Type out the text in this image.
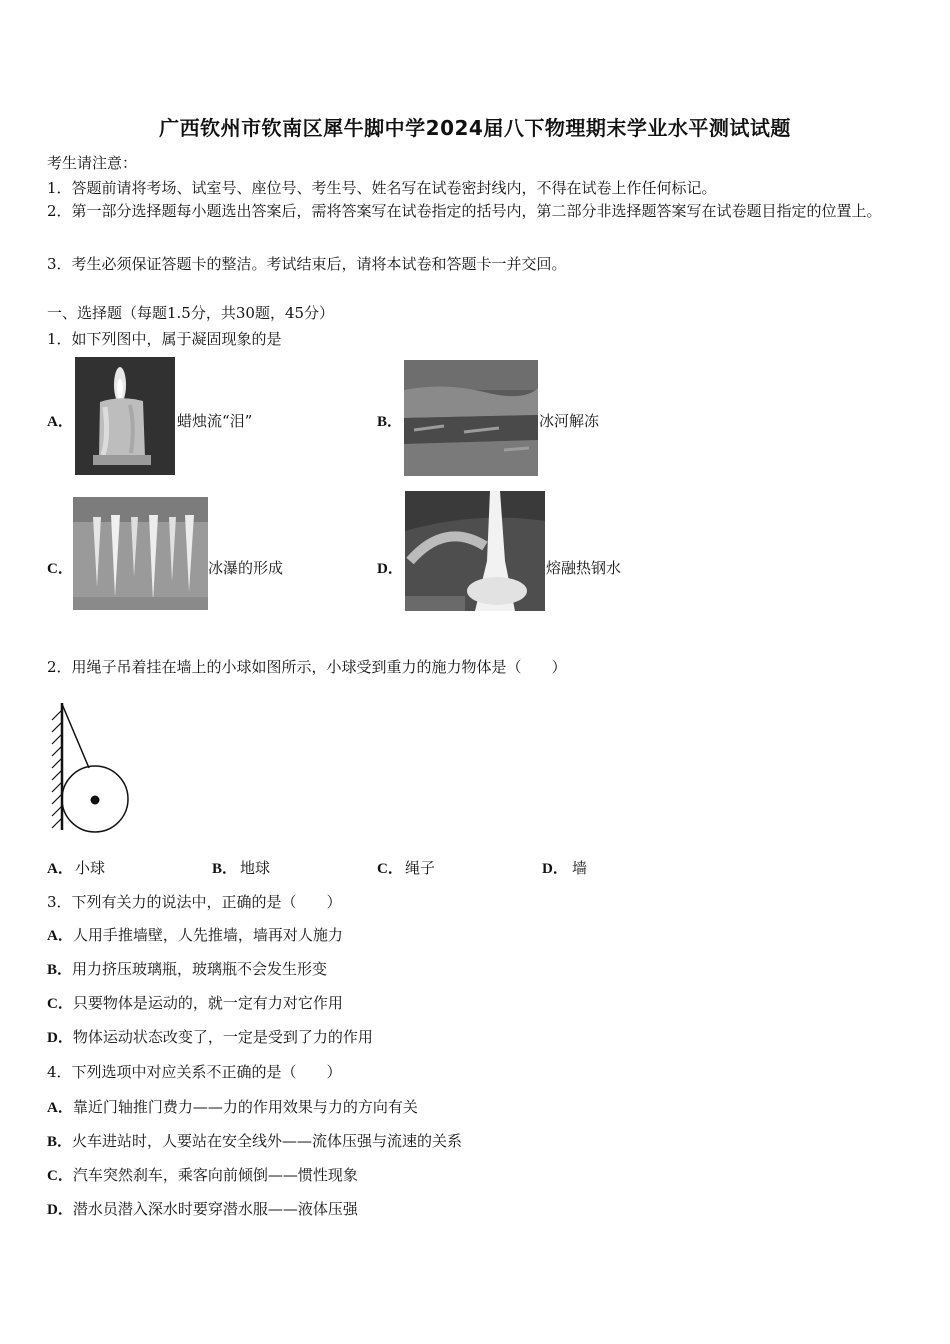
广西钦州市钦南区犀牛脚中学2024届八下物理期末学业水平测试试题
考生请注意：
1．答题前请将考场、试室号、座位号、考生号、姓名写在试卷密封线内，不得在试卷上作任何标记。
2．第一部分选择题每小题选出答案后，需将答案写在试卷指定的括号内，第二部分非选择题答案写在试卷题目指定的位置上。
3．考生必须保证答题卡的整洁。考试结束后，请将本试卷和答题卡一并交回。
一、选择题（每题1.5分，共30题，45分）
1．如下列图中，属于凝固现象的是
A．	蜡烛流“泪”	B．	冰河解冻
C．	冰瀑的形成	D．	熔融热钢水
2．用绳子吊着挂在墙上的小球如图所示，小球受到重力的施力物体是（　　）
A． 小球	B． 地球	C． 绳子	D． 墙
3．下列有关力的说法中，正确的是（　　）
A．人用手推墙壁，人先推墙，墙再对人施力
B．用力挤压玻璃瓶，玻璃瓶不会发生形变
C．只要物体是运动的，就一定有力对它作用
D．物体运动状态改变了，一定是受到了力的作用
4．下列选项中对应关系不正确的是（　　）
A．靠近门轴推门费力——力的作用效果与力的方向有关
B．火车进站时，人要站在安全线外——流体压强与流速的关系
C．汽车突然刹车，乘客向前倾倒——惯性现象
D．潜水员潜入深水时要穿潜水服——液体压强
